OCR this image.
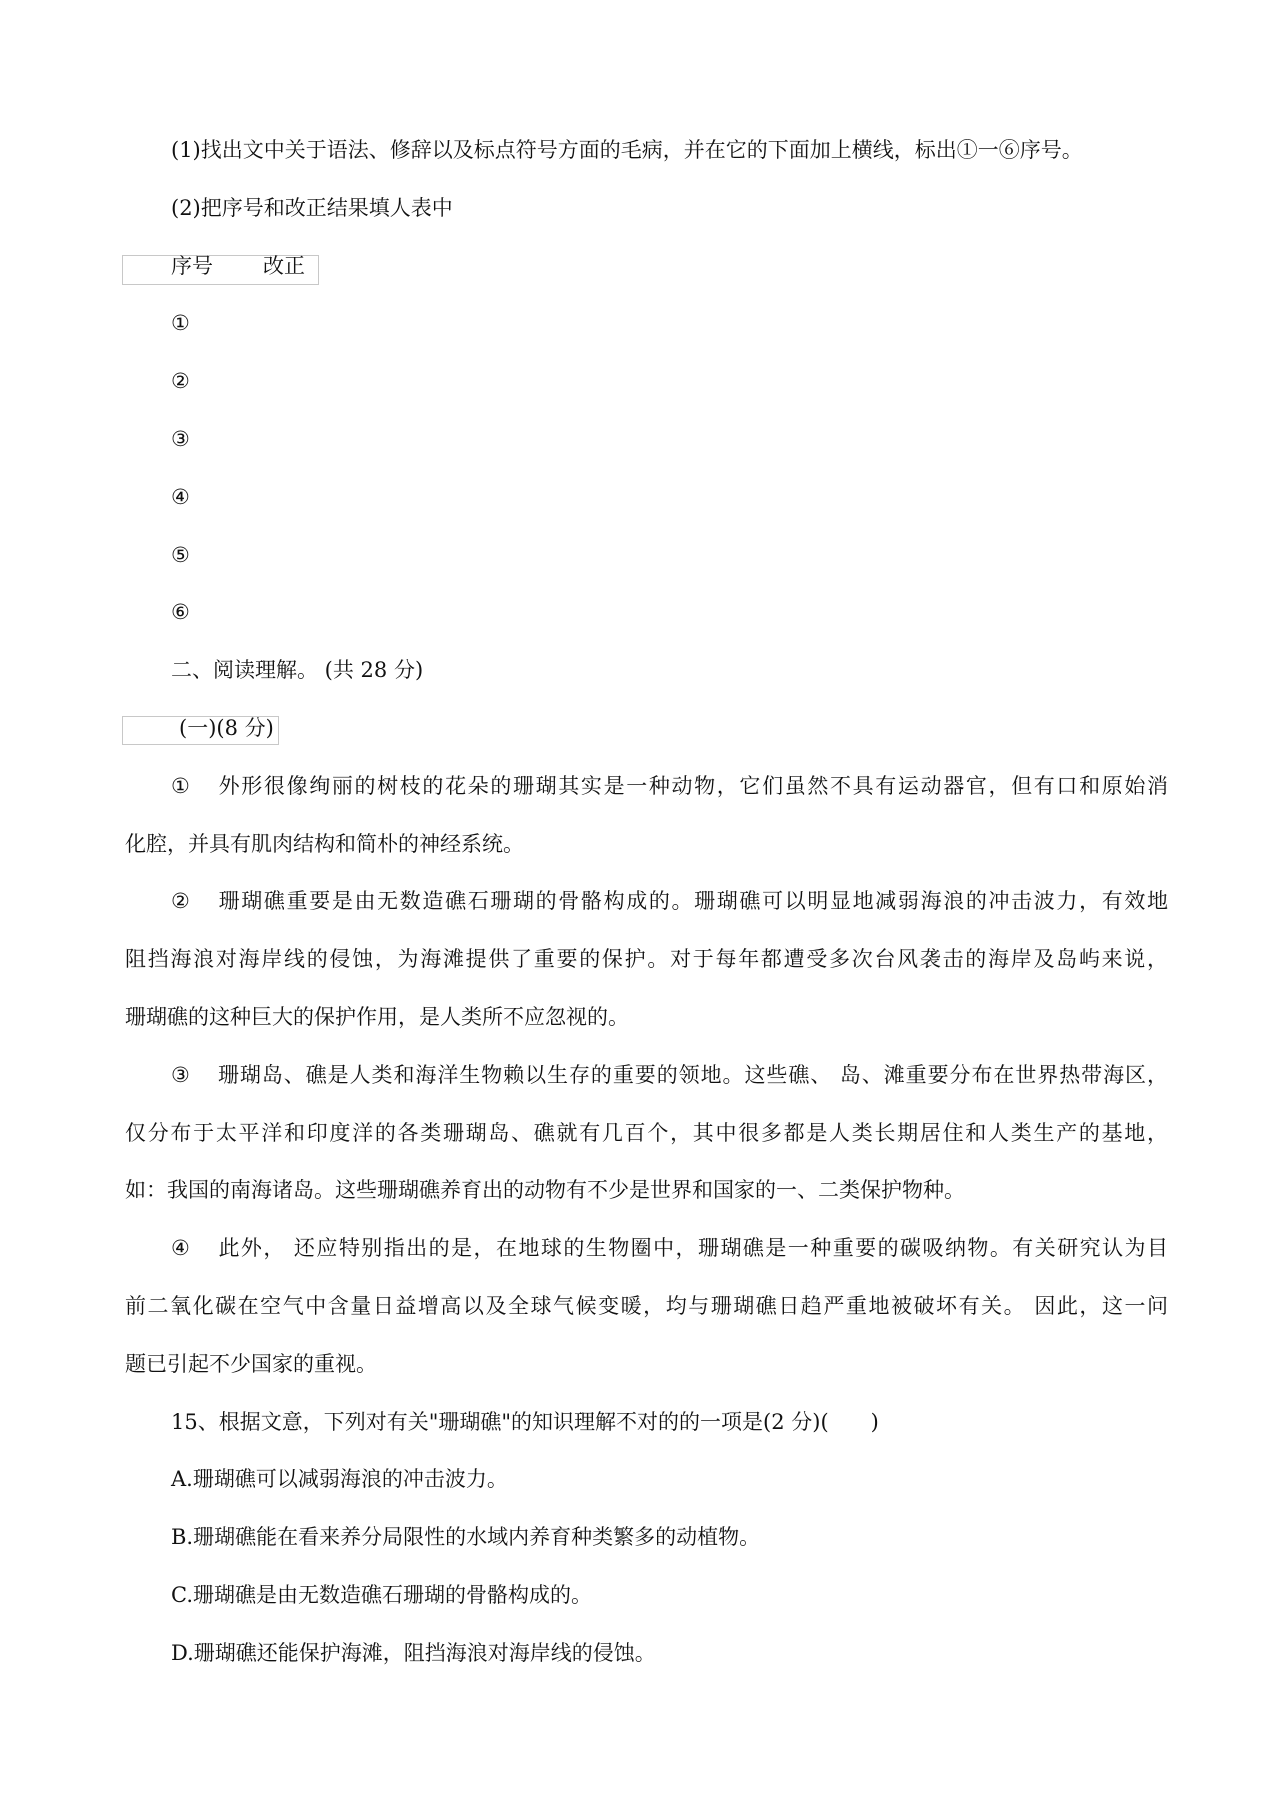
(1)找出文中关于语法、修辞以及标点符号方面的毛病，并在它的下面加上横线，标出①一⑥序号。
(2)把序号和改正结果填人表中
序号 改正
①
②
③
④
⑤
⑥
二、阅读理解。 (共 28 分)
(一)(8 分)
① 外形很像绚丽的树枝的花朵的珊瑚其实是一种动物，它们虽然不具有运动器官，但有口和原始消
化腔，并具有肌肉结构和简朴的神经系统。
② 珊瑚礁重要是由无数造礁石珊瑚的骨骼构成的。珊瑚礁可以明显地减弱海浪的冲击波力，有效地
阻挡海浪对海岸线的侵蚀，为海滩提供了重要的保护。对于每年都遭受多次台风袭击的海岸及岛屿来说，
珊瑚礁的这种巨大的保护作用，是人类所不应忽视的。
③ 珊瑚岛、礁是人类和海洋生物赖以生存的重要的领地。这些礁、 岛、滩重要分布在世界热带海区，
仅分布于太平洋和印度洋的各类珊瑚岛、礁就有几百个，其中很多都是人类长期居住和人类生产的基地，
如：我国的南海诸岛。这些珊瑚礁养育出的动物有不少是世界和国家的一、二类保护物种。
④ 此外， 还应特别指出的是，在地球的生物圈中，珊瑚礁是一种重要的碳吸纳物。有关研究认为目
前二氧化碳在空气中含量日益增高以及全球气候变暖，均与珊瑚礁日趋严重地被破坏有关。 因此，这一问
题已引起不少国家的重视。
15、根据文意，下列对有关"珊瑚礁"的知识理解不对的的一项是(2 分)(　　)
A.珊瑚礁可以减弱海浪的冲击波力。
B.珊瑚礁能在看来养分局限性的水域内养育种类繁多的动植物。
C.珊瑚礁是由无数造礁石珊瑚的骨骼构成的。
D.珊瑚礁还能保护海滩，阻挡海浪对海岸线的侵蚀。
